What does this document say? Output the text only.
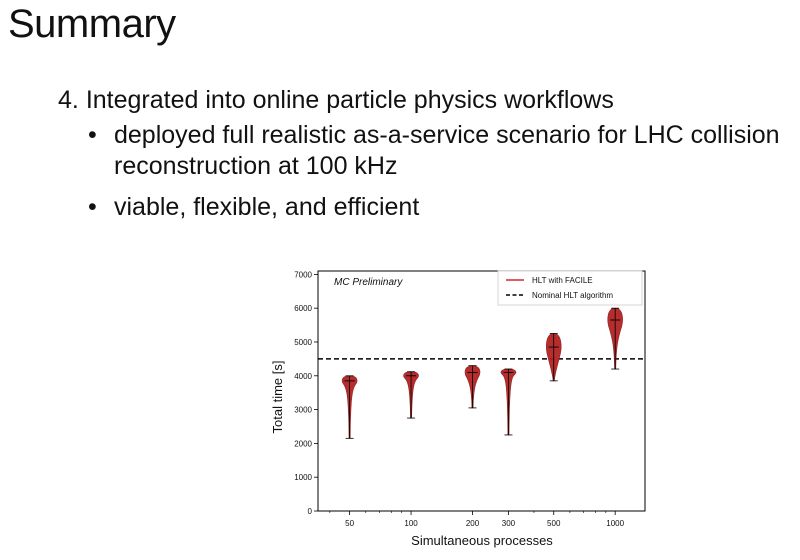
Summary
4. Integrated into online particle physics workflows
• deployed full realistic as-a-service scenario for LHC collision reconstruction at 100 kHz
• viable, flexible, and efficient
0
1000
2000
3000
4000
5000
6000
7000
50	100	200	300	500	1000
MC Preliminary	HLT with FACILE
Nominal HLT algorithm
Total time [s]
Simultaneous processes
